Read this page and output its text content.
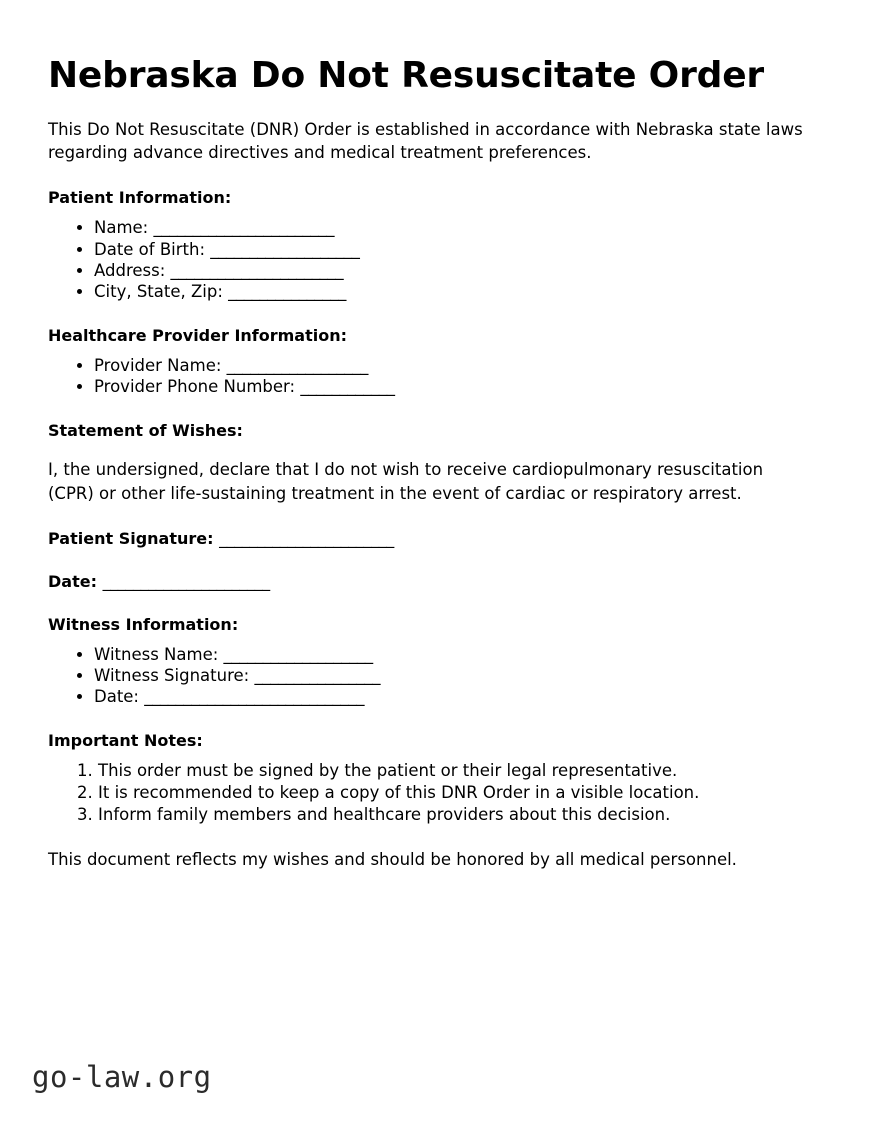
Nebraska Do Not Resuscitate Order

This Do Not Resuscitate (DNR) Order is established in accordance with Nebraska state laws regarding advance directives and medical treatment preferences.

Patient Information:
• Name: _______________________
• Date of Birth: ___________________
• Address: ______________________
• City, State, Zip: _______________
Healthcare Provider Information:
• Provider Name: __________________
• Provider Phone Number: ____________
Statement of Wishes:

I, the undersigned, declare that I do not wish to receive cardiopulmonary resuscitation (CPR) or other life-sustaining treatment in the event of cardiac or respiratory arrest.

Patient Signature: _______________________

Date: ______________________

Witness Information:
• Witness Name: ___________________
• Witness Signature: ________________
• Date: ____________________________
Important Notes:
1. This order must be signed by the patient or their legal representative.
2. It is recommended to keep a copy of this DNR Order in a visible location.
3. Inform family members and healthcare providers about this decision.

This document reflects my wishes and should be honored by all medical personnel.

go-law.org
